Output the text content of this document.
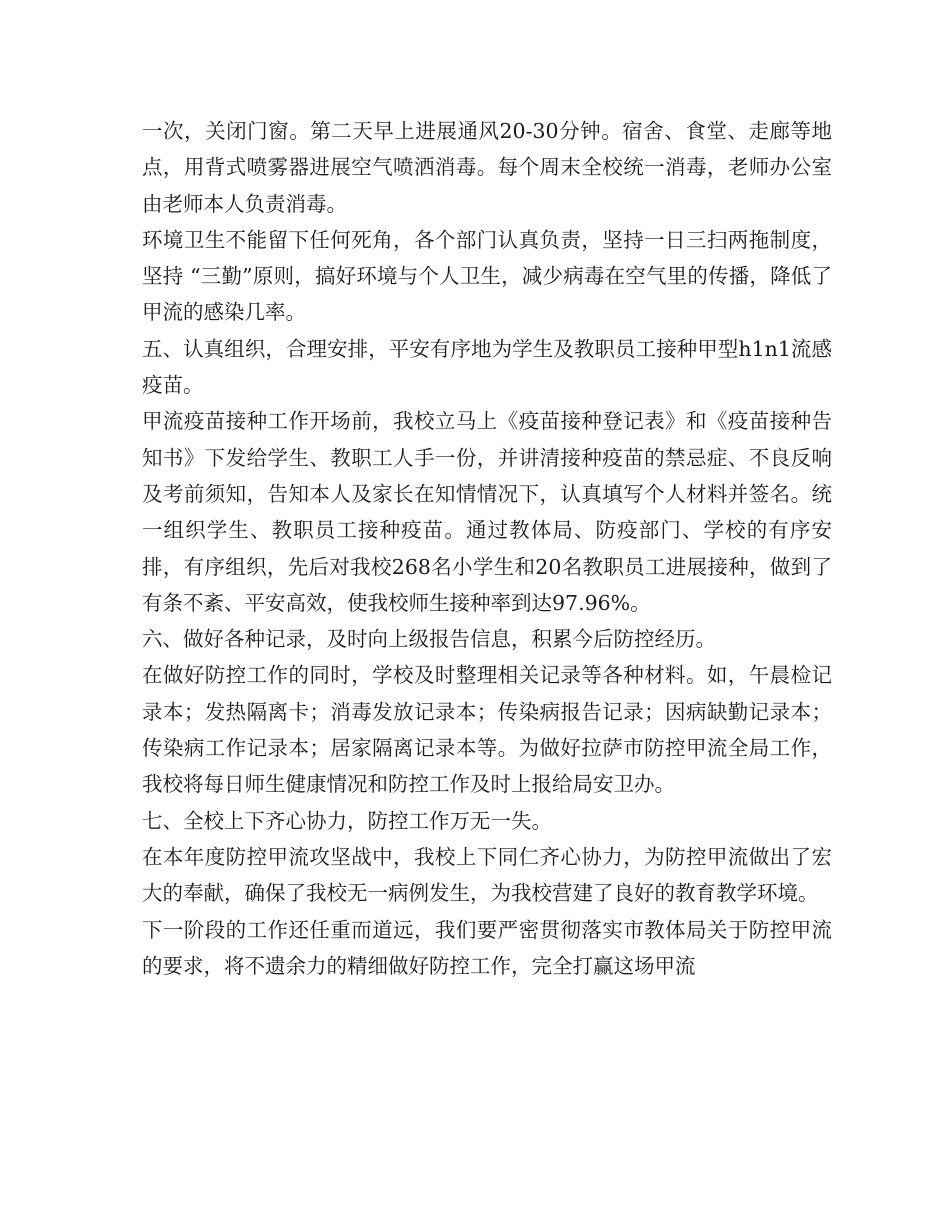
一次，关闭门窗。第二天早上进展通风20-30分钟。宿舍、食堂、走廊等地点，用背式喷雾器进展空气喷洒消毒。每个周末全校统一消毒，老师办公室由老师本人负责消毒。

环境卫生不能留下任何死角，各个部门认真负责，坚持一日三扫两拖制度，坚持 “三勤”原则，搞好环境与个人卫生，减少病毒在空气里的传播，降低了甲流的感染几率。

五、认真组织，合理安排，平安有序地为学生及教职员工接种甲型h1n1流感疫苗。

甲流疫苗接种工作开场前，我校立马上《疫苗接种登记表》和《疫苗接种告知书》下发给学生、教职工人手一份，并讲清接种疫苗的禁忌症、不良反响及考前须知，告知本人及家长在知情情况下，认真填写个人材料并签名。统一组织学生、教职员工接种疫苗。通过教体局、防疫部门、学校的有序安排，有序组织，先后对我校268名小学生和20名教职员工进展接种，做到了有条不紊、平安高效，使我校师生接种率到达97.96%。

六、做好各种记录，及时向上级报告信息，积累今后防控经历。

在做好防控工作的同时，学校及时整理相关记录等各种材料。如，午晨检记录本；发热隔离卡；消毒发放记录本；传染病报告记录；因病缺勤记录本；传染病工作记录本；居家隔离记录本等。为做好拉萨市防控甲流全局工作，我校将每日师生健康情况和防控工作及时上报给局安卫办。

七、全校上下齐心协力，防控工作万无一失。

在本年度防控甲流攻坚战中，我校上下同仁齐心协力，为防控甲流做出了宏大的奉献，确保了我校无一病例发生，为我校营建了良好的教育教学环境。

下一阶段的工作还任重而道远，我们要严密贯彻落实市教体局关于防控甲流的要求，将不遗余力的精细做好防控工作，完全打赢这场甲流
